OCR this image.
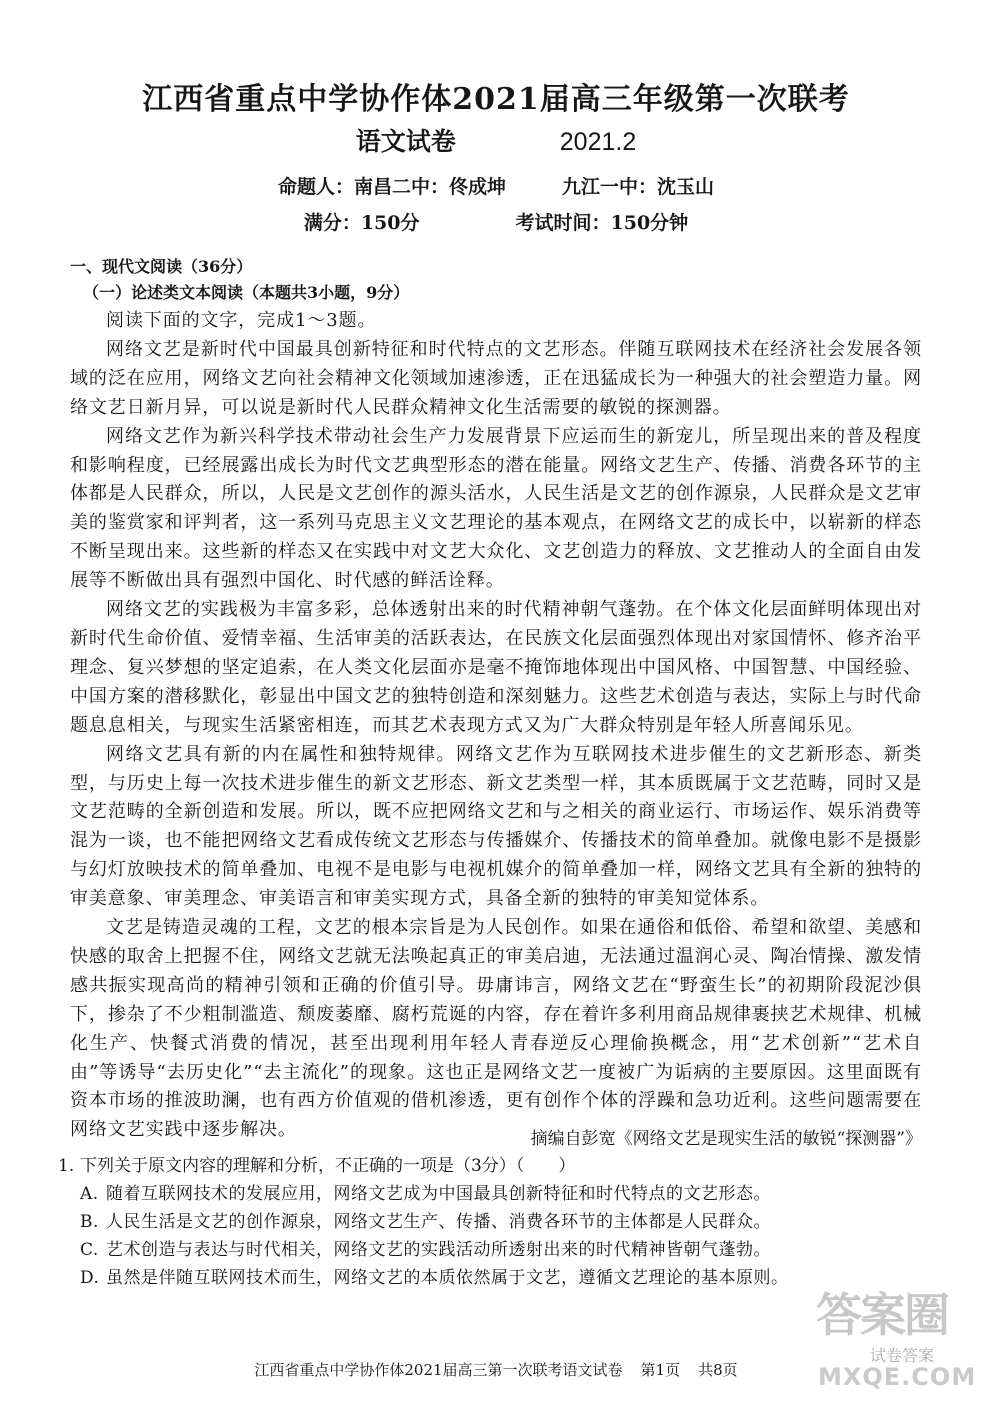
江西省重点中学协作体2021届高三年级第一次联考
语文试卷	2021.2
命题人：南昌二中：佟成坤	九江一中：沈玉山
满分：150分	考试时间：150分钟
一、现代文阅读（36分）
（一）论述类文本阅读（本题共3小题，9分）

阅读下面的文字，完成1～3题。

网络文艺是新时代中国最具创新特征和时代特点的文艺形态。伴随互联网技术在经济社会发展各领域的泛在应用，网络文艺向社会精神文化领域加速渗透，正在迅猛成长为一种强大的社会塑造力量。网络文艺日新月异，可以说是新时代人民群众精神文化生活需要的敏锐的探测器。

网络文艺作为新兴科学技术带动社会生产力发展背景下应运而生的新宠儿，所呈现出来的普及程度和影响程度，已经展露出成长为时代文艺典型形态的潜在能量。网络文艺生产、传播、消费各环节的主体都是人民群众，所以，人民是文艺创作的源头活水，人民生活是文艺的创作源泉，人民群众是文艺审美的鉴赏家和评判者，这一系列马克思主义文艺理论的基本观点，在网络文艺的成长中，以崭新的样态不断呈现出来。这些新的样态又在实践中对文艺大众化、文艺创造力的释放、文艺推动人的全面自由发展等不断做出具有强烈中国化、时代感的鲜活诠释。

网络文艺的实践极为丰富多彩，总体透射出来的时代精神朝气蓬勃。在个体文化层面鲜明体现出对新时代生命价值、爱情幸福、生活审美的活跃表达，在民族文化层面强烈体现出对家国情怀、修齐治平理念、复兴梦想的坚定追索，在人类文化层面亦是毫不掩饰地体现出中国风格、中国智慧、中国经验、中国方案的潜移默化，彰显出中国文艺的独特创造和深刻魅力。这些艺术创造与表达，实际上与时代命题息息相关，与现实生活紧密相连，而其艺术表现方式又为广大群众特别是年轻人所喜闻乐见。

网络文艺具有新的内在属性和独特规律。网络文艺作为互联网技术进步催生的文艺新形态、新类型，与历史上每一次技术进步催生的新文艺形态、新文艺类型一样，其本质既属于文艺范畴，同时又是文艺范畴的全新创造和发展。所以，既不应把网络文艺和与之相关的商业运行、市场运作、娱乐消费等混为一谈，也不能把网络文艺看成传统文艺形态与传播媒介、传播技术的简单叠加。就像电影不是摄影与幻灯放映技术的简单叠加、电视不是电影与电视机媒介的简单叠加一样，网络文艺具有全新的独特的审美意象、审美理念、审美语言和审美实现方式，具备全新的独特的审美知觉体系。

文艺是铸造灵魂的工程，文艺的根本宗旨是为人民创作。如果在通俗和低俗、希望和欲望、美感和快感的取舍上把握不住，网络文艺就无法唤起真正的审美启迪，无法通过温润心灵、陶冶情操、激发情感共振实现高尚的精神引领和正确的价值引导。毋庸讳言，网络文艺在“野蛮生长”的初期阶段泥沙俱下，掺杂了不少粗制滥造、颓废萎靡、腐朽荒诞的内容，存在着许多利用商品规律裹挟艺术规律、机械化生产、快餐式消费的情况，甚至出现利用年轻人青春逆反心理偷换概念，用“艺术创新”“艺术自由”等诱导“去历史化”“去主流化”的现象。这也正是网络文艺一度被广为诟病的主要原因。这里面既有资本市场的推波助澜，也有西方价值观的借机渗透，更有创作个体的浮躁和急功近利。这些问题需要在网络文艺实践中逐步解决。	摘编自彭宽《网络文艺是现实生活的敏锐“探测器”》
1. 下列关于原文内容的理解和分析，不正确的一项是（3分）（　　）
A. 随着互联网技术的发展应用，网络文艺成为中国最具创新特征和时代特点的文艺形态。
B. 人民生活是文艺的创作源泉，网络文艺生产、传播、消费各环节的主体都是人民群众。
C. 艺术创造与表达与时代相关，网络文艺的实践活动所透射出来的时代精神皆朝气蓬勃。
D. 虽然是伴随互联网技术而生，网络文艺的本质依然属于文艺，遵循文艺理论的基本原则。
江西省重点中学协作体2021届高三第一次联考语文试卷 第1页 共8页
答案圈
试卷答案
MXQE.COM
